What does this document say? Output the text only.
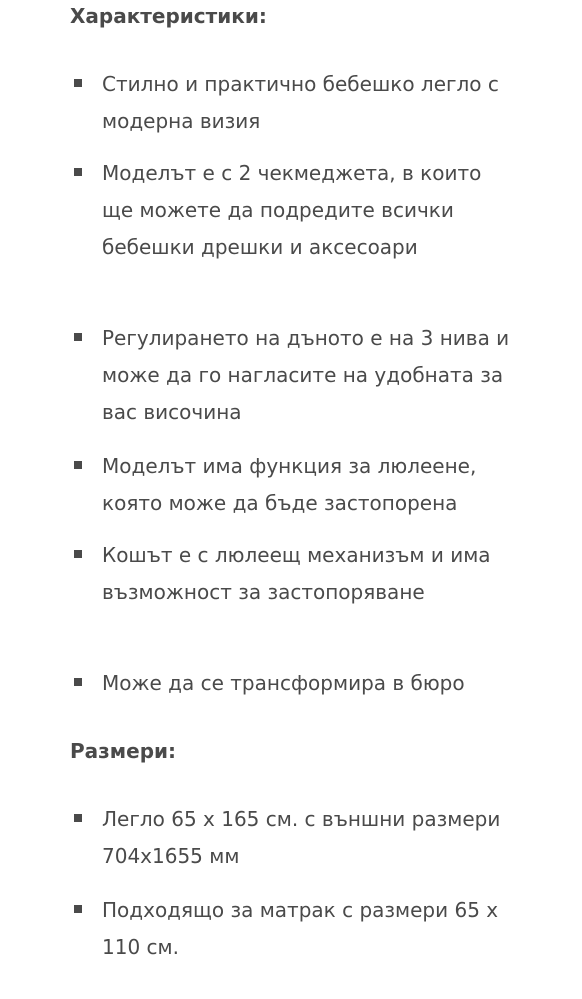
Характеристики:
Стилно и практично бебешко легло с модерна визия
Моделът е с 2 чекмеджета, в които ще можете да подредите всички бебешки дрешки и аксесоари
Регулирането на дъното е на 3 нива и може да го нагласите на удобната за вас височина
Моделът има функция за люлеене, която може да бъде застопорена
Кошът е с люлеещ механизъм и има възможност за застопоряване
Може да се трансформира в бюро
Размери:
Легло 65 х 165 см. с външни размери 704х1655 мм
Подходящо за матрак с размери 65 х 110 см.
